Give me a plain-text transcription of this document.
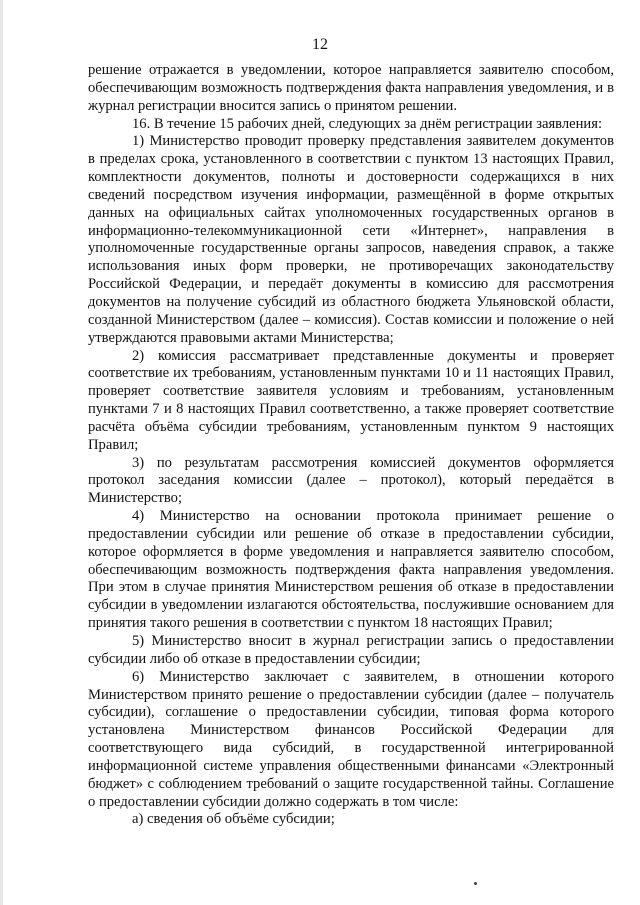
12

решение отражается в уведомлении, которое направляется заявителю способом, обеспечивающим возможность подтверждения факта направления уведомления, и в журнал регистрации вносится запись о принятом решении.

16. В течение 15 рабочих дней, следующих за днём регистрации заявления:

1) Министерство проводит проверку представления заявителем документов в пределах срока, установленного в соответствии с пунктом 13 настоящих Правил, комплектности документов, полноты и достоверности содержащихся в них сведений посредством изучения информации, размещённой в форме открытых данных на официальных сайтах уполномоченных государственных органов в информационно-телекоммуникационной сети «Интернет», направления в уполномоченные государственные органы запросов, наведения справок, а также использования иных форм проверки, не противоречащих законодательству Российской Федерации, и передаёт документы в комиссию для рассмотрения документов на получение субсидий из областного бюджета Ульяновской области, созданной Министерством (далее – комиссия). Состав комиссии и положение о ней утверждаются правовыми актами Министерства;

2) комиссия рассматривает представленные документы и проверяет соответствие их требованиям, установленным пунктами 10 и 11 настоящих Правил, проверяет соответствие заявителя условиям и требованиям, установленным пунктами 7 и 8 настоящих Правил соответственно, а также проверяет соответствие расчёта объёма субсидии требованиям, установленным пунктом 9 настоящих Правил;

3) по результатам рассмотрения комиссией документов оформляется протокол заседания комиссии (далее – протокол), который передаётся в Министерство;

4) Министерство на основании протокола принимает решение о предоставлении субсидии или решение об отказе в предоставлении субсидии, которое оформляется в форме уведомления и направляется заявителю способом, обеспечивающим возможность подтверждения факта направления уведомления. При этом в случае принятия Министерством решения об отказе в предоставлении субсидии в уведомлении излагаются обстоятельства, послужившие основанием для принятия такого решения в соответствии с пунктом 18 настоящих Правил;

5) Министерство вносит в журнал регистрации запись о предоставлении субсидии либо об отказе в предоставлении субсидии;

6) Министерство заключает с заявителем, в отношении которого Министерством принято решение о предоставлении субсидии (далее – получатель субсидии), соглашение о предоставлении субсидии, типовая форма которого установлена Министерством финансов Российской Федерации для соответствующего вида субсидий, в государственной интегрированной информационной системе управления общественными финансами «Электронный бюджет» с соблюдением требований о защите государственной тайны. Соглашение о предоставлении субсидии должно содержать в том числе:

а) сведения об объёме субсидии;
